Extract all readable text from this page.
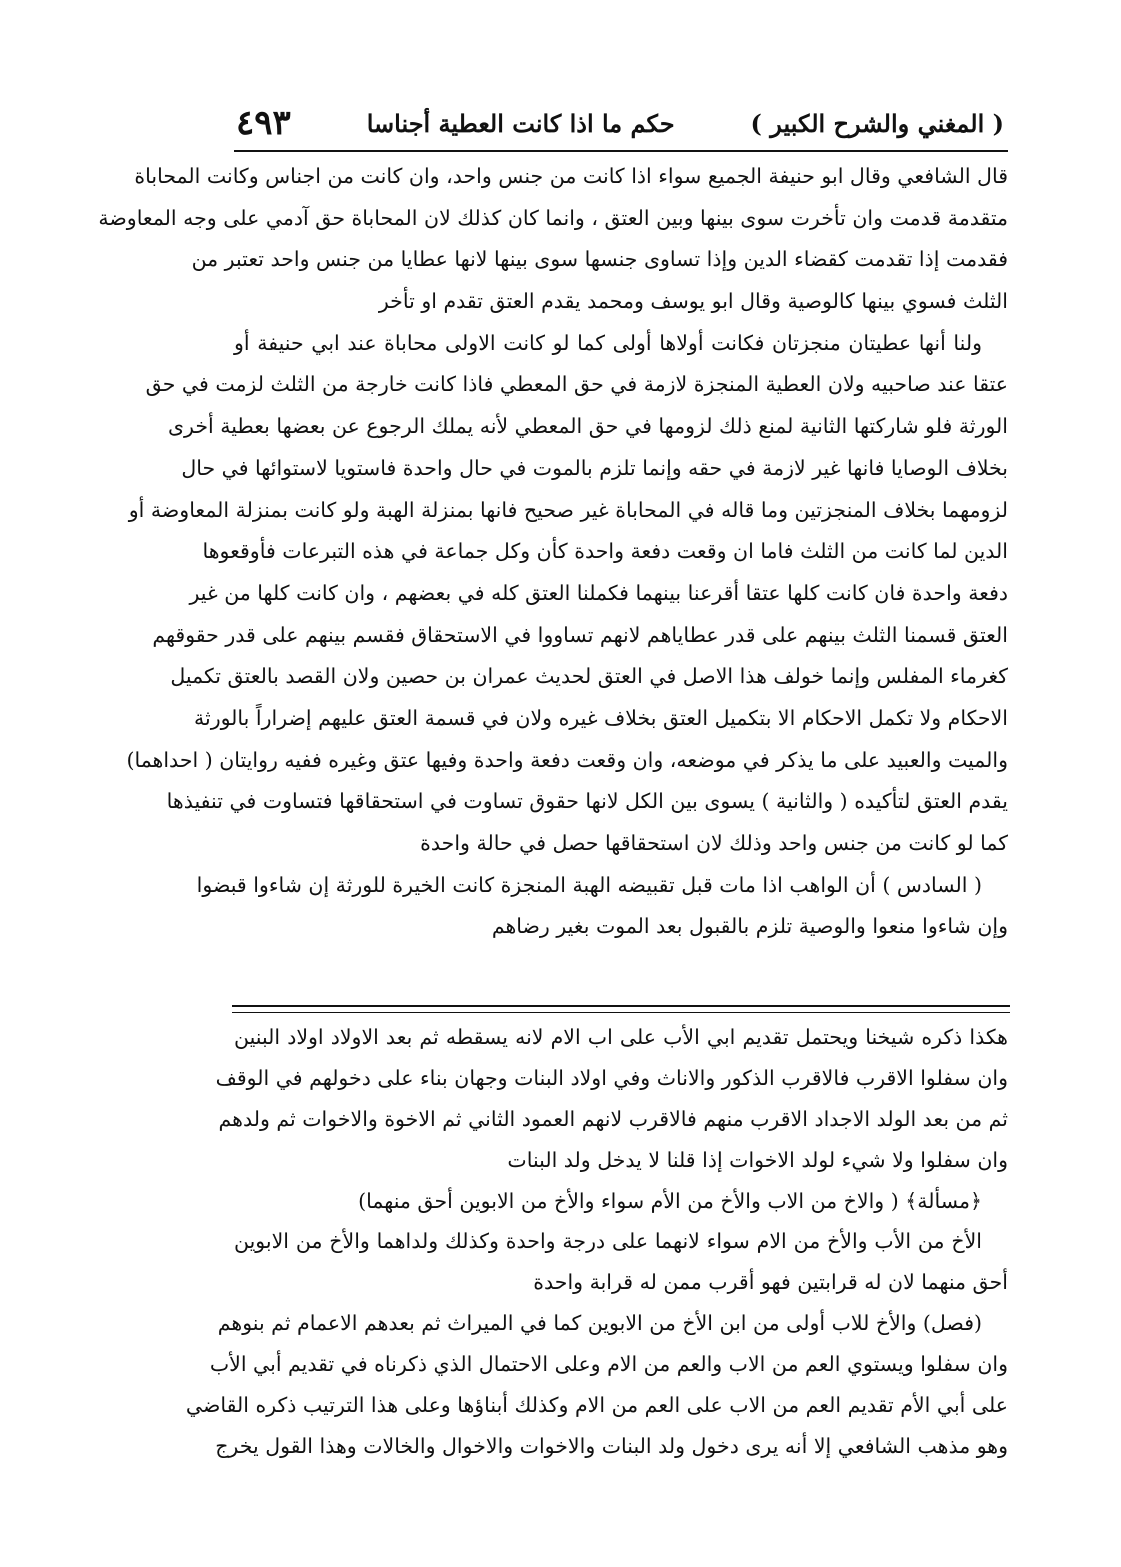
( المغني والشرح الكبير )
حكم ما اذا كانت العطية أجناسا
٤٩٣
قال الشافعي وقال ابو حنيفة الجميع سواء اذا كانت من جنس واحد، وان كانت من اجناس وكانت المحاباة
متقدمة قدمت وان تأخرت سوى بينها وبين العتق ، وانما كان كذلك لان المحاباة حق آدمي على وجه المعاوضة
فقدمت إذا تقدمت كقضاء الدين وإذا تساوى جنسها سوى بينها لانها عطايا من جنس واحد تعتبر من
الثلث فسوي بينها كالوصية وقال ابو يوسف ومحمد يقدم العتق تقدم او تأخر
ولنا أنها عطيتان منجزتان فكانت أولاها أولى كما لو كانت الاولى محاباة عند ابي حنيفة أو
عتقا عند صاحبيه ولان العطية المنجزة لازمة في حق المعطي فاذا كانت خارجة من الثلث لزمت في حق
الورثة فلو شاركتها الثانية لمنع ذلك لزومها في حق المعطي لأنه يملك الرجوع عن بعضها بعطية أخرى
بخلاف الوصايا فانها غير لازمة في حقه وإنما تلزم بالموت في حال واحدة فاستويا لاستوائها في حال
لزومهما بخلاف المنجزتين وما قاله في المحاباة غير صحيح فانها بمنزلة الهبة ولو كانت بمنزلة المعاوضة أو
الدين لما كانت من الثلث فاما ان وقعت دفعة واحدة كأن وكل جماعة في هذه التبرعات فأوقعوها
دفعة واحدة فان كانت كلها عتقا أقرعنا بينهما فكملنا العتق كله في بعضهم ، وان كانت كلها من غير
العتق قسمنا الثلث بينهم على قدر عطاياهم لانهم تساووا في الاستحقاق فقسم بينهم على قدر حقوقهم
كغرماء المفلس وإنما خولف هذا الاصل في العتق لحديث عمران بن حصين ولان القصد بالعتق تكميل
الاحكام ولا تكمل الاحكام الا بتكميل العتق بخلاف غيره ولان في قسمة العتق عليهم إضراراً بالورثة
والميت والعبيد على ما يذكر في موضعه، وان وقعت دفعة واحدة وفيها عتق وغيره ففيه روايتان ( احداهما)
يقدم العتق لتأكيده ( والثانية ) يسوى بين الكل لانها حقوق تساوت في استحقاقها فتساوت في تنفيذها
كما لو كانت من جنس واحد وذلك لان استحقاقها حصل في حالة واحدة
( السادس ) أن الواهب اذا مات قبل تقبيضه الهبة المنجزة كانت الخيرة للورثة إن شاءوا قبضوا
وإن شاءوا منعوا والوصية تلزم بالقبول بعد الموت بغير رضاهم
هكذا ذكره شيخنا ويحتمل تقديم ابي الأب على اب الام لانه يسقطه ثم بعد الاولاد اولاد البنين
وان سفلوا الاقرب فالاقرب الذكور والاناث وفي اولاد البنات وجهان بناء على دخولهم في الوقف
ثم من بعد الولد الاجداد الاقرب منهم فالاقرب لانهم العمود الثاني ثم الاخوة والاخوات ثم ولدهم
وان سفلوا ولا شيء لولد الاخوات إذا قلنا لا يدخل ولد البنات
﴿مسألة﴾ ( والاخ من الاب والأخ من الأم سواء والأخ من الابوين أحق منهما)
الأخ من الأب والأخ من الام سواء لانهما على درجة واحدة وكذلك ولداهما والأخ من الابوين
أحق منهما لان له قرابتين فهو أقرب ممن له قرابة واحدة
(فصل) والأخ للاب أولى من ابن الأخ من الابوين كما في الميراث ثم بعدهم الاعمام ثم بنوهم
وان سفلوا ويستوي العم من الاب والعم من الام وعلى الاحتمال الذي ذكرناه في تقديم أبي الأب
على أبي الأم تقديم العم من الاب على العم من الام وكذلك أبناؤها وعلى هذا الترتيب ذكره القاضي
وهو مذهب الشافعي إلا أنه يرى دخول ولد البنات والاخوات والاخوال والخالات وهذا القول يخرج
